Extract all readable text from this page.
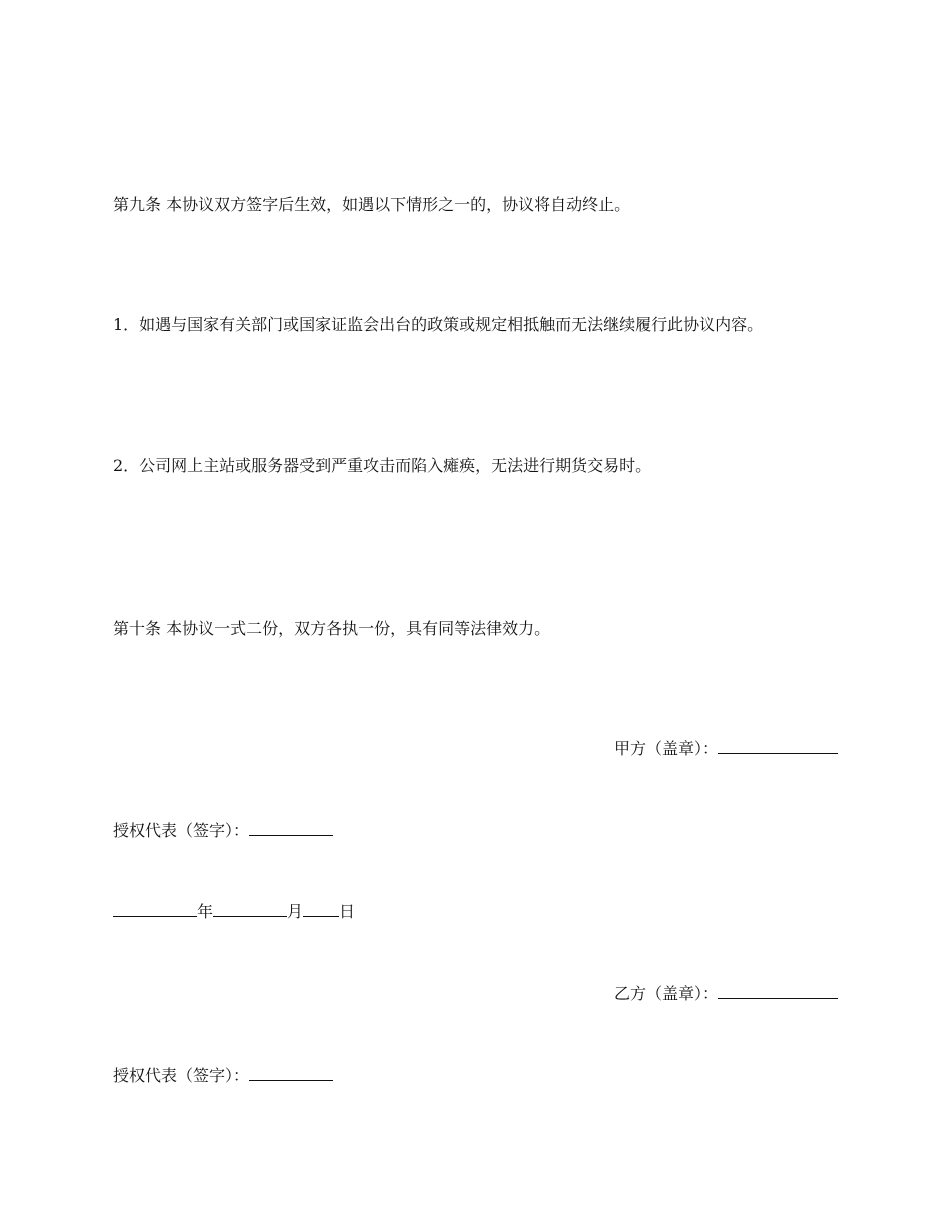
第九条 本协议双方签字后生效，如遇以下情形之一的，协议将自动终止。
1．如遇与国家有关部门或国家证监会出台的政策或规定相抵触而无法继续履行此协议内容。
2．公司网上主站或服务器受到严重攻击而陷入瘫痪，无法进行期货交易时。
第十条 本协议一式二份，双方各执一份，具有同等法律效力。
甲方（盖章）：
授权代表（签字）：
年	月 日
乙方（盖章）：
授权代表（签字）：
